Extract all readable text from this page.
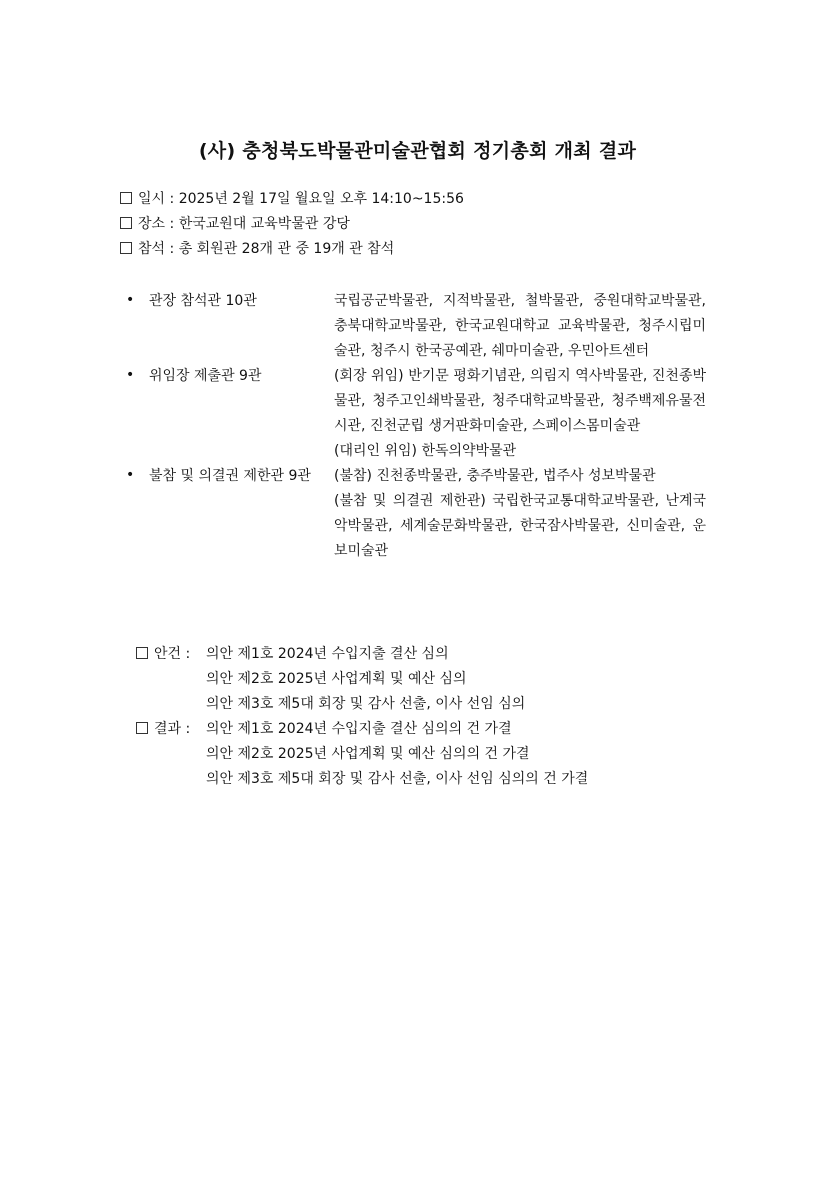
(사) 충청북도박물관미술관협회 정기총회 개최 결과
일시 : 2025년 2월 17일 월요일 오후 14:10~15:56
장소 : 한국교원대 교육박물관 강당
참석 : 총 회원관 28개 관 중 19개 관 참석
• 관장 참석관 10관	국립공군박물관, 지적박물관, 철박물관, 중원대학교박물관, 충북대학교박물관, 한국교원대학교 교육박물관, 청주시립미술관, 청주시 한국공예관, 쉐마미술관, 우민아트센터

• 위임장 제출관 9관	(회장 위임) 반기문 평화기념관, 의림지 역사박물관, 진천종박물관, 청주고인쇄박물관, 청주대학교박물관, 청주백제유물전시관, 진천군립 생거판화미술관, 스페이스몸미술관

(대리인 위임) 한독의약박물관

• 불참 및 의결권 제한관 9관	(불참) 진천종박물관, 충주박물관, 법주사 성보박물관

(불참 및 의결권 제한관) 국립한국교통대학교박물관, 난계국악박물관, 세계술문화박물관, 한국잠사박물관, 신미술관, 운보미술관

안건 :	의안 제1호 2024년 수입지출 결산 심의
의안 제2호 2025년 사업계획 및 예산 심의
의안 제3호 제5대 회장 및 감사 선출, 이사 선임 심의
결과 :	의안 제1호 2024년 수입지출 결산 심의의 건 가결
의안 제2호 2025년 사업계획 및 예산 심의의 건 가결
의안 제3호 제5대 회장 및 감사 선출, 이사 선임 심의의 건 가결
